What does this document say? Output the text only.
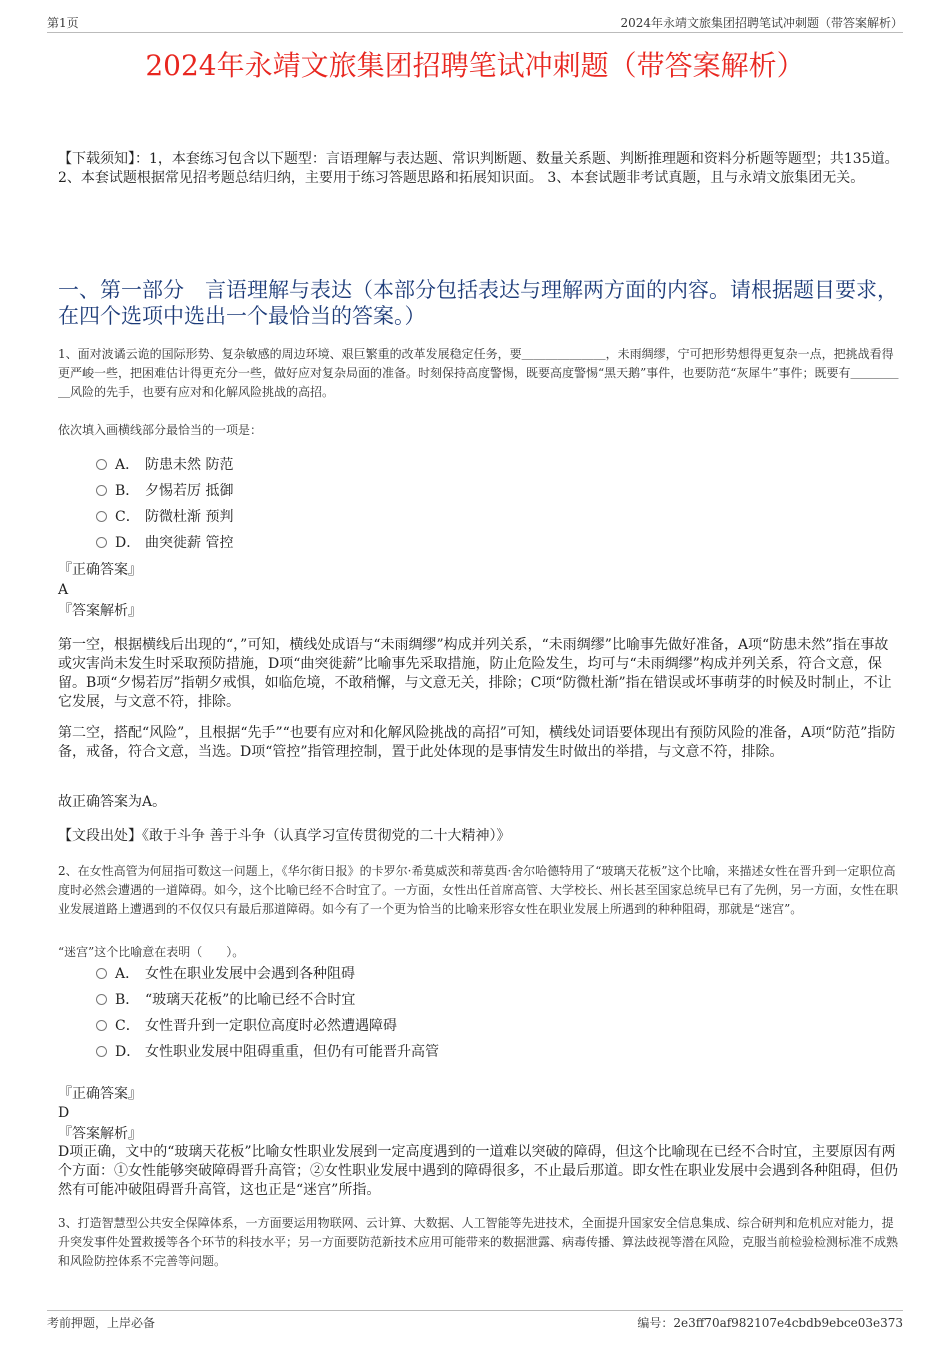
第1页	2024年永靖文旅集团招聘笔试冲刺题（带答案解析）
2024年永靖文旅集团招聘笔试冲刺题（带答案解析）
【下载须知】：1，本套练习包含以下题型：言语理解与表达题、常识判断题、数量关系题、判断推理题和资料分析题等题型；共135道。 2、本套试题根据常见招考题总结归纳，主要用于练习答题思路和拓展知识面。 3、本套试题非考试真题，且与永靖文旅集团无关。
一、第一部分　言语理解与表达（本部分包括表达与理解两方面的内容。请根据题目要求，在四个选项中选出一个最恰当的答案。）
1、面对波谲云诡的国际形势、复杂敏感的周边环境、艰巨繁重的改革发展稳定任务，要＿＿＿＿＿＿＿，未雨绸缪，宁可把形势想得更复杂一点，把挑战看得更严峻一些，把困难估计得更充分一些，做好应对复杂局面的准备。时刻保持高度警惕，既要高度警惕“黑天鹅”事件，也要防范“灰犀牛”事件；既要有＿＿＿＿＿风险的先手，也要有应对和化解风险挑战的高招。
依次填入画横线部分最恰当的一项是：
A． 防患未然 防范
B． 夕惕若厉 抵御
C． 防微杜渐 预判
D． 曲突徙薪 管控
『正确答案』
A
『答案解析』
第一空，根据横线后出现的“，”可知，横线处成语与“未雨绸缪”构成并列关系，“未雨绸缪”比喻事先做好准备，A项“防患未然”指在事故或灾害尚未发生时采取预防措施，D项“曲突徙薪”比喻事先采取措施，防止危险发生，均可与“未雨绸缪”构成并列关系，符合文意，保留。B项“夕惕若厉”指朝夕戒惧，如临危境，不敢稍懈，与文意无关，排除；C项“防微杜渐”指在错误或坏事萌芽的时候及时制止，不让它发展，与文意不符，排除。
第二空，搭配“风险”，且根据“先手”“也要有应对和化解风险挑战的高招”可知，横线处词语要体现出有预防风险的准备，A项“防范”指防备，戒备，符合文意，当选。D项“管控”指管理控制，置于此处体现的是事情发生时做出的举措，与文意不符，排除。
故正确答案为A。
【文段出处】《敢于斗争 善于斗争（认真学习宣传贯彻党的二十大精神）》
2、在女性高管为何屈指可数这一问题上，《华尔街日报》的卡罗尔·希莫威茨和蒂莫西·舍尔哈德特用了“玻璃天花板”这个比喻，来描述女性在晋升到一定职位高度时必然会遭遇的一道障碍。如今，这个比喻已经不合时宜了。一方面，女性出任首席高管、大学校长、州长甚至国家总统早已有了先例，另一方面，女性在职业发展道路上遭遇到的不仅仅只有最后那道障碍。如今有了一个更为恰当的比喻来形容女性在职业发展上所遇到的种种阻碍，那就是“迷宫”。
“迷宫”这个比喻意在表明（　　）。
A． 女性在职业发展中会遇到各种阻碍
B． “玻璃天花板”的比喻已经不合时宜
C． 女性晋升到一定职位高度时必然遭遇障碍
D． 女性职业发展中阻碍重重，但仍有可能晋升高管
『正确答案』
D
『答案解析』
D项正确，文中的“玻璃天花板”比喻女性职业发展到一定高度遇到的一道难以突破的障碍，但这个比喻现在已经不合时宜，主要原因有两个方面：①女性能够突破障碍晋升高管；②女性职业发展中遇到的障碍很多，不止最后那道。即女性在职业发展中会遇到各种阻碍，但仍然有可能冲破阻碍晋升高管，这也正是“迷宫”所指。
3、打造智慧型公共安全保障体系，一方面要运用物联网、云计算、大数据、人工智能等先进技术，全面提升国家安全信息集成、综合研判和危机应对能力，提升突发事件处置救援等各个环节的科技水平；另一方面要防范新技术应用可能带来的数据泄露、病毒传播、算法歧视等潜在风险，克服当前检验检测标准不成熟和风险防控体系不完善等问题。
考前押题，上岸必备	编号：2e3ff70af982107e4cbdb9ebce03e373
